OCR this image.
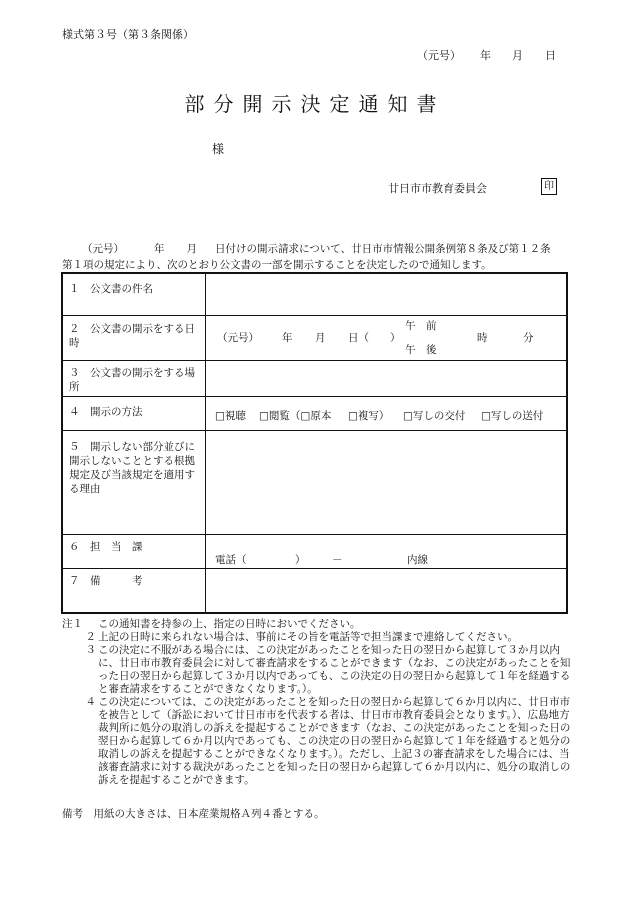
様式第３号（第３条関係）
（元号） 年 月 日
部分開示決定通知書
様
廿日市市教育委員会	印
（元号）	年 月 日付けの開示請求について、廿日市市情報公開条例第８条及び第１２条
第１項の規定により、次のとおり公文書の一部を開示することを決定したので通知します。
１　公文書の件名
２　公文書の開示をする日時	（元号） 年 月 日（　　）
午　前
午　後
時	分
３　公文書の開示をする場所
４　開示の方法	□視聴 □閲覧（□原本 □複写） □写しの交付 □写しの送付
５　開示しない部分並びに開示しないこととする根拠規定及び当該規定を適用する理由
６　担　当　課
電話（	）	－	内線
７　備　　　考
注１	この通知書を持参の上、指定の日時においでください。
２ 上記の日時に来られない場合は、事前にその旨を電話等で担当課まで連絡してください。
３ この決定に不服がある場合には、この決定があったことを知った日の翌日から起算して３か月以内に、廿日市市教育委員会に対して審査請求をすることができます（なお、この決定があったことを知った日の翌日から起算して３か月以内であっても、この決定の日の翌日から起算して１年を経過すると審査請求をすることができなくなります。）。
４ この決定については、この決定があったことを知った日の翌日から起算して６か月以内に、廿日市市を被告として（訴訟において廿日市市を代表する者は、廿日市市教育委員会となります。）、広島地方裁判所に処分の取消しの訴えを提起することができます（なお、この決定があったことを知った日の翌日から起算して６か月以内であっても、この決定の日の翌日から起算して１年を経過すると処分の取消しの訴えを提起することができなくなります。）。ただし、上記３の審査請求をした場合には、当該審査請求に対する裁決があったことを知った日の翌日から起算して６か月以内に、処分の取消しの訴えを提起することができます。
備考　用紙の大きさは、日本産業規格Ａ列４番とする。
